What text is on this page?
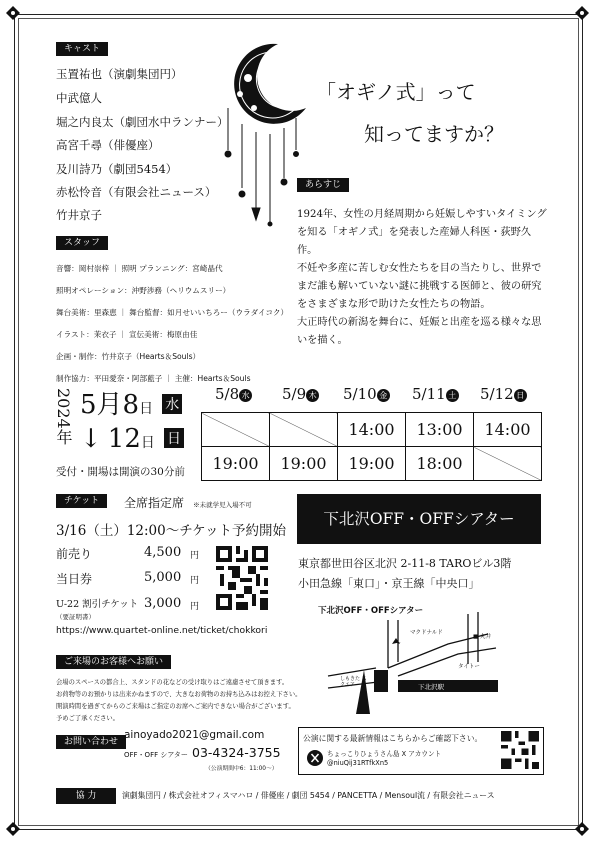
キャスト
玉置祐也（演劇集団円）
中武億人
堀之内良太（劇団水中ランナー）
高宮千尋（俳優座）
及川詩乃（劇団5454）
赤松怜音（有限会社ニュース）
竹井京子
「オギノ式」って
知ってますか？
あらすじ

1924年、女性の月経周期から妊娠しやすいタイミングを知る「オギノ式」を発表した産婦人科医・荻野久作。

不妊や多産に苦しむ女性たちを目の当たりし、世界でまだ誰も解いていない謎に挑戦する医師と、彼の研究をさまざまな形で助けた女性たちの物語。

大正時代の新潟を舞台に、妊娠と出産を巡る様々な思いを描く。

スタッフ
音響：岡村崇梓 ｜ 照明 プランニング：宮崎晶代
照明オペレーション：沖野渉務（ヘリウムスリー）
舞台美術：里森恵 ｜ 舞台監督：如月せいいちろー（ウラダイコク）
イラスト：茉衣子 ｜ 宣伝美術：梅原由佳
企画・制作：竹井京子（Hearts＆Souls）
制作協力：平田愛奈・阿部藍子 ｜ 主催：Hearts＆Souls
2024年 5月8日 水
↓ 12日 日
受付・開場は開演の30分前
5/8 水 5/9 木 5/10 金 5/11 土 5/12 日
		14:00	13:00	14:00
19:00	19:00	19:00	18:00	
チケット	全席指定席 ※未就学児入場不可
3/16（土）12:00～チケット予約開始
前売り	4,500 円
当日券	5,000 円
U-22 割引チケット 3,000 円
（要証明書）
https://www.quartet-online.net/ticket/chokkori
下北沢OFF・OFFシアター
東京都世田谷区北沢 2-11-8 TAROビル3階
小田急線「東口」・京王線「中央口」
下北沢OFF・OFFシアター
マクドナルド
■ 丸井
タイトー
しもきた スクエア	下北沢駅
ご来場のお客様へお願い
会場のスペースの都合上、スタンドの花などの受け取りはご遠慮させて頂きます。
お荷物等のお預かりは出来かねますので、大きなお荷物のお持ち込みはお控え下さい。
開演時間を過ぎてからのご来場はご指定のお席へご案内できない場合がございます。
予めご了承ください。
お問い合わせ
ainoyado2021@gmail.com
OFF・OFF シアター 03-4324-3755
（公演期間中6：11:00～）
公演に関する最新情報はこちらからご確認下さい。
ちょっこりひょうさん島 X アカウント
@niuQij31RTfkXn5
協 力	演劇集団円 / 株式会社オフィスマハロ / 俳優座 / 劇団 5454 / PANCETTA / Mensoul流 / 有限会社ニュース
